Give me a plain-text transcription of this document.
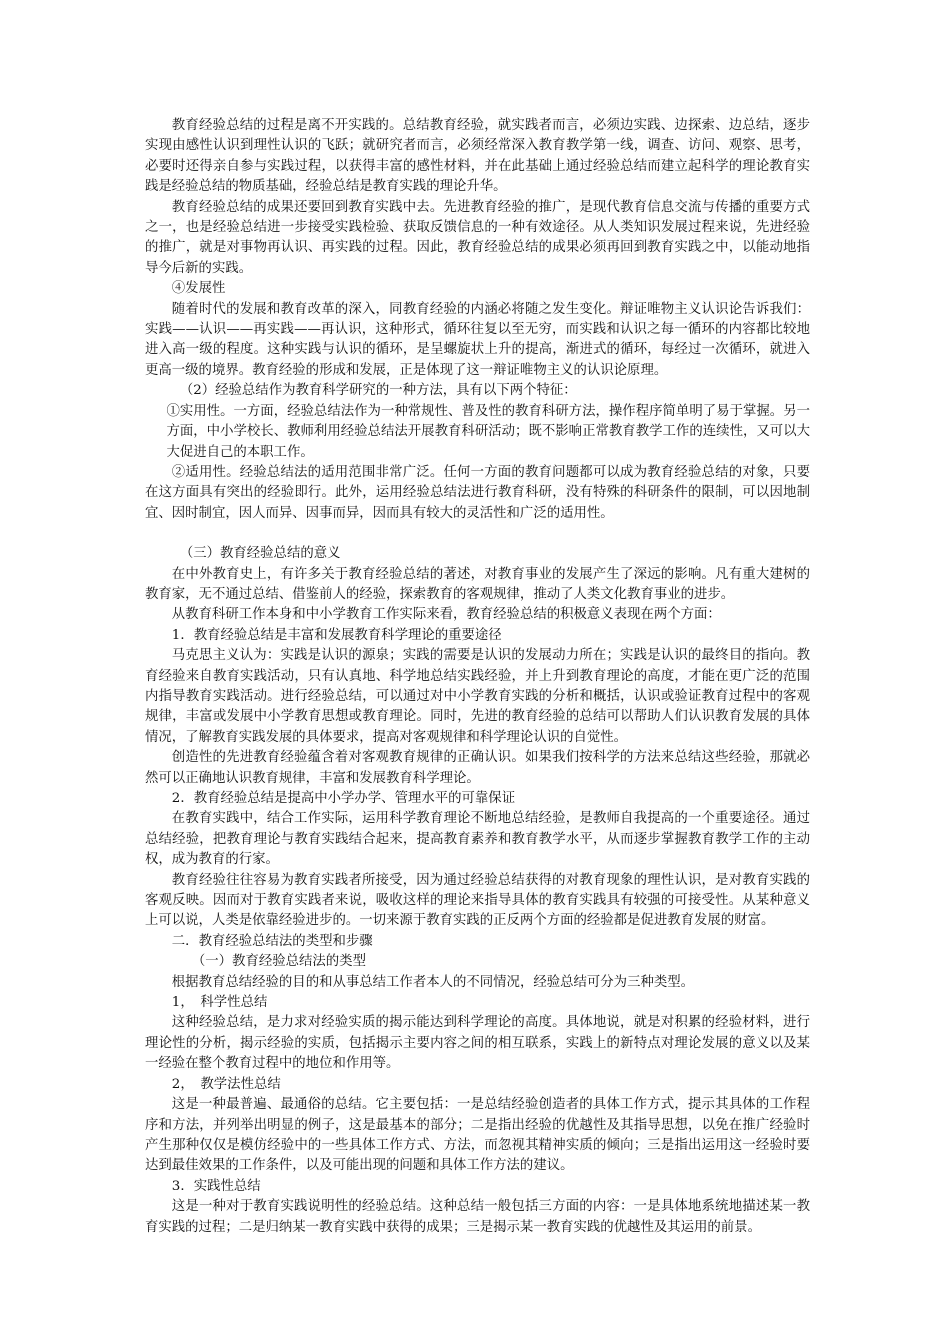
教育经验总结的过程是离不开实践的。总结教育经验，就实践者而言，必须边实践、边探索、边总结，逐步实现由感性认识到理性认识的飞跃；就研究者而言，必须经常深入教育教学第一线，调查、访问、观察、思考，必要时还得亲自参与实践过程，以获得丰富的感性材料，并在此基础上通过经验总结而建立起科学的理论教育实践是经验总结的物质基础，经验总结是教育实践的理论升华。

教育经验总结的成果还要回到教育实践中去。先进教育经验的推广，是现代教育信息交流与传播的重要方式之一，也是经验总结进一步接受实践检验、获取反馈信息的一种有效途径。从人类知识发展过程来说，先进经验的推广，就是对事物再认识、再实践的过程。因此，教育经验总结的成果必须再回到教育实践之中，以能动地指导今后新的实践。

④发展性

随着时代的发展和教育改革的深入，同教育经验的内涵必将随之发生变化。辩证唯物主义认识论告诉我们：实践——认识——再实践——再认识，这种形式，循环往复以至无穷，而实践和认识之每一循环的内容都比较地进入高一级的程度。这种实践与认识的循环，是呈螺旋状上升的提高，渐进式的循环，每经过一次循环，就进入更高一级的境界。教育经验的形成和发展，正是体现了这一辩证唯物主义的认识论原理。

（2）经验总结作为教育科学研究的一种方法，具有以下两个特征：

①实用性。一方面，经验总结法作为一种常规性、普及性的教育科研方法，操作程序简单明了易于掌握。另一方面，中小学校长、教师利用经验总结法开展教育科研活动；既不影响正常教育教学工作的连续性，又可以大大促进自己的本职工作。

②适用性。经验总结法的适用范围非常广泛。任何一方面的教育问题都可以成为教育经验总结的对象，只要在这方面具有突出的经验即行。此外，运用经验总结法进行教育科研，没有特殊的科研条件的限制，可以因地制宜、因时制宜，因人而异、因事而异，因而具有较大的灵活性和广泛的适用性。

（三）教育经验总结的意义

在中外教育史上，有许多关于教育经验总结的著述，对教育事业的发展产生了深远的影响。凡有重大建树的教育家，无不通过总结、借鉴前人的经验，探索教育的客观规律，推动了人类文化教育事业的进步。

从教育科研工作本身和中小学教育工作实际来看，教育经验总结的积极意义表现在两个方面：

1．教育经验总结是丰富和发展教育科学理论的重要途径

马克思主义认为：实践是认识的源泉；实践的需要是认识的发展动力所在；实践是认识的最终目的指向。教育经验来自教育实践活动，只有认真地、科学地总结实践经验，并上升到教育理论的高度，才能在更广泛的范围内指导教育实践活动。进行经验总结，可以通过对中小学教育实践的分析和概括，认识或验证教育过程中的客观规律，丰富或发展中小学教育思想或教育理论。同时，先进的教育经验的总结可以帮助人们认识教育发展的具体情况，了解教育实践发展的具体要求，提高对客观规律和科学理论认识的自觉性。

创造性的先进教育经验蕴含着对客观教育规律的正确认识。如果我们按科学的方法来总结这些经验，那就必然可以正确地认识教育规律，丰富和发展教育科学理论。

2．教育经验总结是提高中小学办学、管理水平的可靠保证

在教育实践中，结合工作实际，运用科学教育理论不断地总结经验，是教师自我提高的一个重要途径。通过总结经验，把教育理论与教育实践结合起来，提高教育素养和教育教学水平，从而逐步掌握教育教学工作的主动权，成为教育的行家。

教育经验往往容易为教育实践者所接受，因为通过经验总结获得的对教育现象的理性认识，是对教育实践的客观反映。因而对于教育实践者来说，吸收这样的理论来指导具体的教育实践具有较强的可接受性。从某种意义上可以说，人类是依靠经验进步的。一切来源于教育实践的正反两个方面的经验都是促进教育发展的财富。

二．教育经验总结法的类型和步骤

（一）教育经验总结法的类型

根据教育总结经验的目的和从事总结工作者本人的不同情况，经验总结可分为三种类型。

1，　科学性总结

这种经验总结，是力求对经验实质的揭示能达到科学理论的高度。具体地说，就是对积累的经验材料，进行理论性的分析，揭示经验的实质，包括揭示主要内容之间的相互联系，实践上的新特点对理论发展的意义以及某一经验在整个教育过程中的地位和作用等。

2，　教学法性总结

这是一种最普遍、最通俗的总结。它主要包括：一是总结经验创造者的具体工作方式，提示其具体的工作程序和方法，并列举出明显的例子，这是最基本的部分；二是指出经验的优越性及其指导思想，以免在推广经验时产生那种仅仅是模仿经验中的一些具体工作方式、方法，而忽视其精神实质的倾向；三是指出运用这一经验时要达到最佳效果的工作条件，以及可能出现的问题和具体工作方法的建议。

3．实践性总结

这是一种对于教育实践说明性的经验总结。这种总结一般包括三方面的内容：一是具体地系统地描述某一教育实践的过程；二是归纳某一教育实践中获得的成果；三是揭示某一教育实践的优越性及其运用的前景。
